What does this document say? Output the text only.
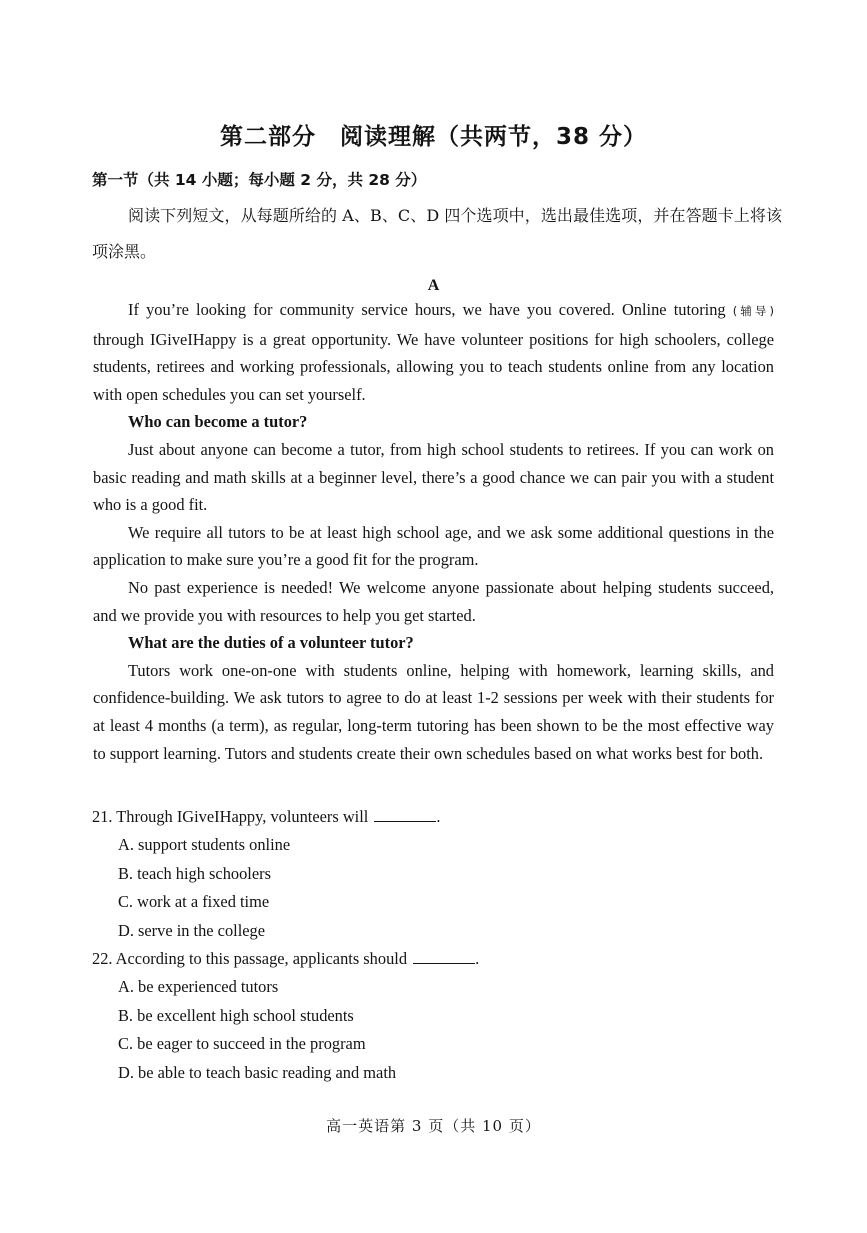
第二部分　阅读理解（共两节，38 分）
第一节（共 14 小题；每小题 2 分，共 28 分）
阅读下列短文，从每题所给的 A、B、C、D 四个选项中，选出最佳选项，并在答题卡上将该项涂黑。
A

If you’re looking for community service hours, we have you covered. Online tutoring (辅导) through IGiveIHappy is a great opportunity. We have volunteer positions for high schoolers, college students, retirees and working professionals, allowing you to teach students online from any location with open schedules you can set yourself.

Who can become a tutor?

Just about anyone can become a tutor, from high school students to retirees. If you can work on basic reading and math skills at a beginner level, there’s a good chance we can pair you with a student who is a good fit.

We require all tutors to be at least high school age, and we ask some additional questions in the application to make sure you’re a good fit for the program.

No past experience is needed! We welcome anyone passionate about helping students succeed, and we provide you with resources to help you get started.

What are the duties of a volunteer tutor?

Tutors work one-on-one with students online, helping with homework, learning skills, and confidence-building. We ask tutors to agree to do at least 1-2 sessions per week with their students for at least 4 months (a term), as regular, long-term tutoring has been shown to be the most effective way to support learning. Tutors and students create their own schedules based on what works best for both.

21. Through IGiveIHappy, volunteers will	.

A. support students online

B. teach high schoolers

C. work at a fixed time

D. serve in the college

22. According to this passage, applicants should	.

A. be experienced tutors

B. be excellent high school students

C. be eager to succeed in the program

D. be able to teach basic reading and math

高一英语第 3 页（共 10 页）
